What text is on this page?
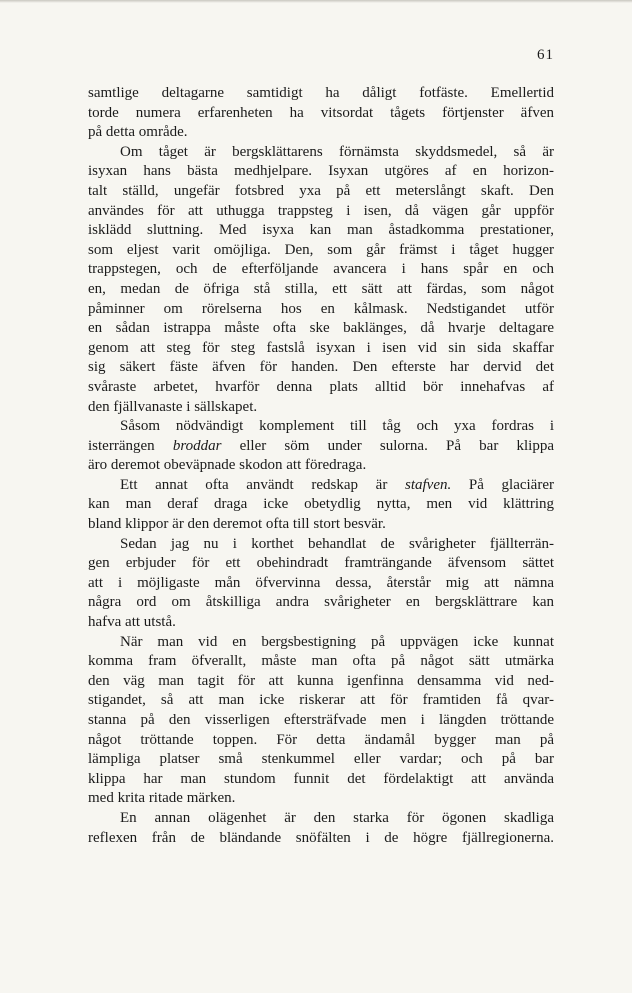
61
samtlige deltagarne samtidigt ha dåligt fotfäste. Emellertid
torde numera erfarenheten ha vitsordat tågets förtjenster äfven
på detta område.
Om tåget är bergsklättarens förnämsta skyddsmedel, så är
isyxan hans bästa medhjelpare. Isyxan utgöres af en horizon-
talt ställd, ungefär fotsbred yxa på ett meterslångt skaft. Den
användes för att uthugga trappsteg i isen, då vägen går uppför
isklädd sluttning. Med isyxa kan man åstadkomma prestationer,
som eljest varit omöjliga. Den, som går främst i tåget hugger
trappstegen, och de efterföljande avancera i hans spår en och
en, medan de öfriga stå stilla, ett sätt att färdas, som något
påminner om rörelserna hos en kålmask. Nedstigandet utför
en sådan istrappa måste ofta ske baklänges, då hvarje deltagare
genom att steg för steg fastslå isyxan i isen vid sin sida skaffar
sig säkert fäste äfven för handen. Den efterste har dervid det
svåraste arbetet, hvarför denna plats alltid bör innehafvas af
den fjällvanaste i sällskapet.
Såsom nödvändigt komplement till tåg och yxa fordras i
isterrängen broddar eller söm under sulorna. På bar klippa
äro deremot obeväpnade skodon att föredraga.
Ett annat ofta användt redskap är stafven. På glaciärer
kan man deraf draga icke obetydlig nytta, men vid klättring
bland klippor är den deremot ofta till stort besvär.
Sedan jag nu i korthet behandlat de svårigheter fjällterrän-
gen erbjuder för ett obehindradt framträngande äfvensom sättet
att i möjligaste mån öfvervinna dessa, återstår mig att nämna
några ord om åtskilliga andra svårigheter en bergsklättrare kan
hafva att utstå.
När man vid en bergsbestigning på uppvägen icke kunnat
komma fram öfverallt, måste man ofta på något sätt utmärka
den väg man tagit för att kunna igenfinna densamma vid ned-
stigandet, så att man icke riskerar att för framtiden få qvar-
stanna på den visserligen eftersträfvade men i längden tröttande
något tröttande toppen. För detta ändamål bygger man på
lämpliga platser små stenkummel eller vardar; och på bar
klippa har man stundom funnit det fördelaktigt att använda
med krita ritade märken.
En annan olägenhet är den starka för ögonen skadliga
reflexen från de bländande snöfälten i de högre fjällregionerna.
